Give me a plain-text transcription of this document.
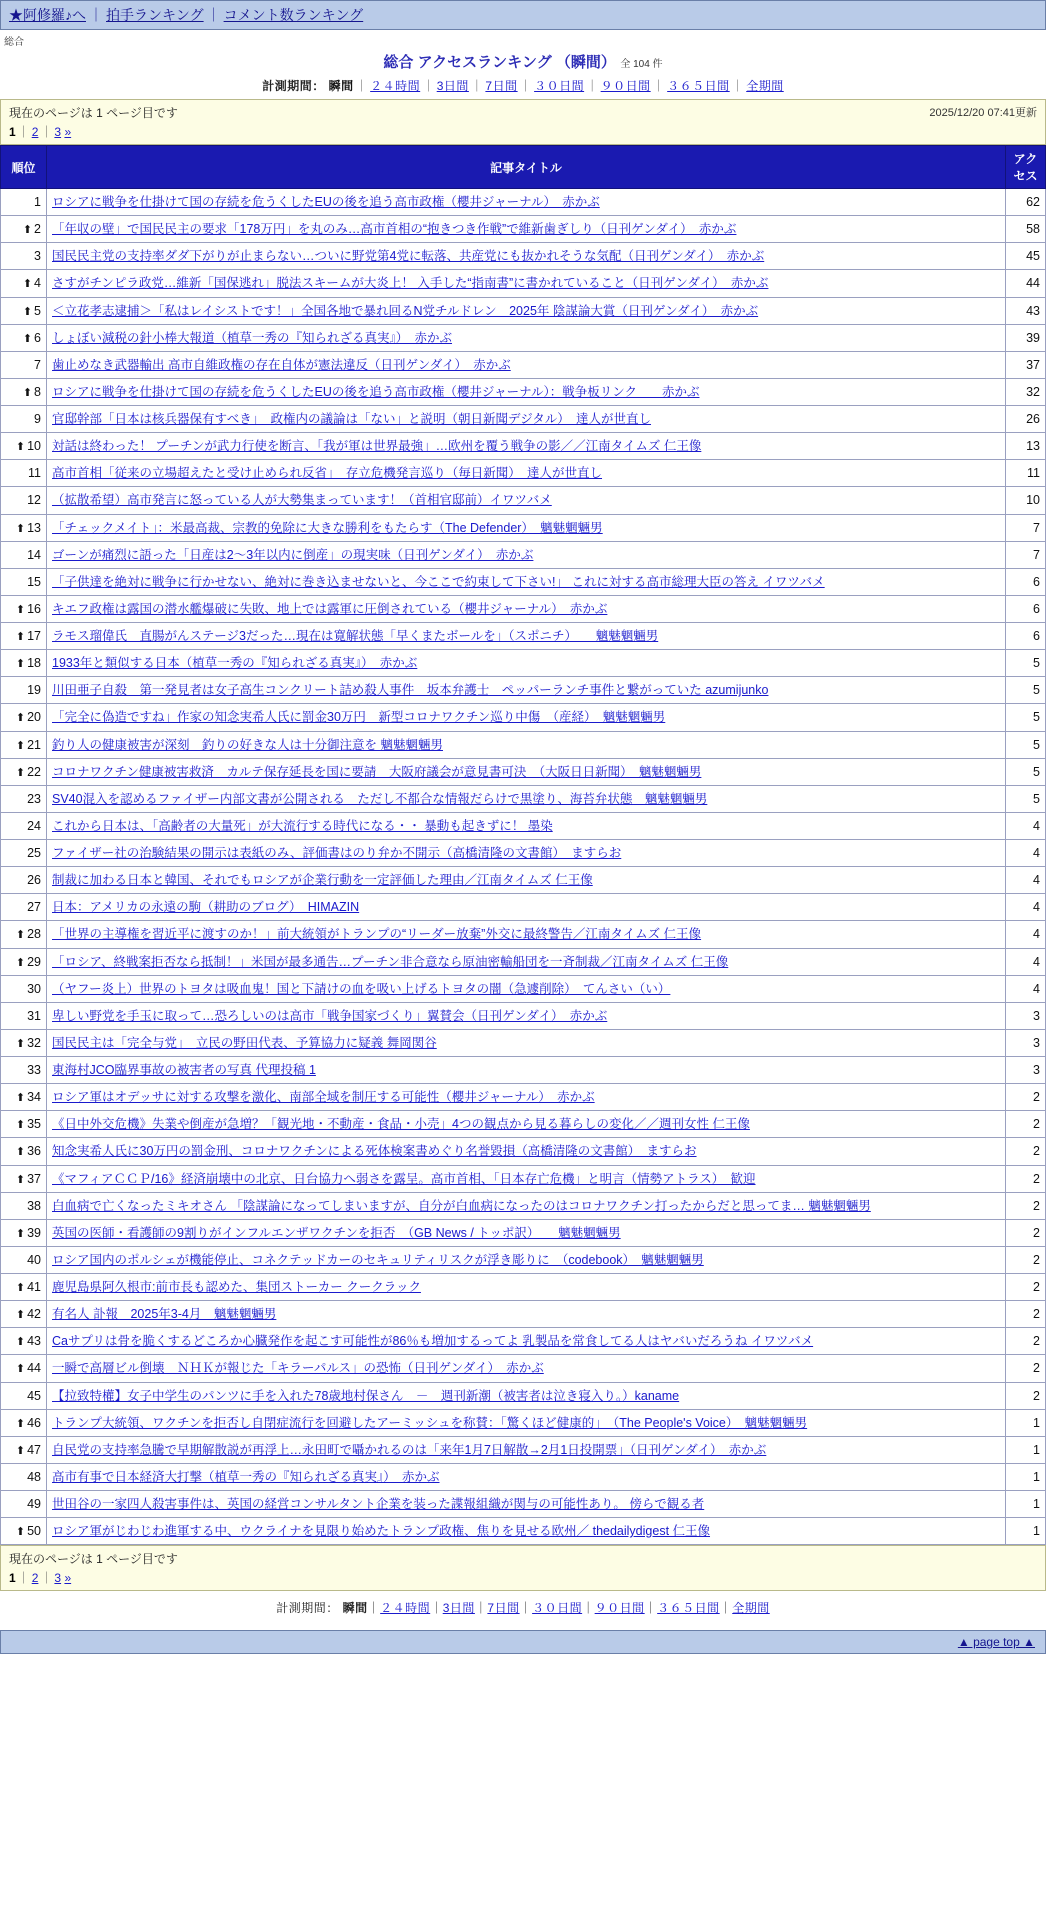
★阿修羅♪へ ｜ 拍手ランキング ｜ コメント数ランキング
総合
総合 アクセスランキング （瞬間） 全 104 件
計測期間： 瞬間 ｜ ２４時間 ｜ 3日間 ｜ 7日間 ｜ ３０日間 ｜ ９０日間 ｜ ３６５日間 ｜ 全期間
現在のページは 1 ページ目です	2025/12/20 07:41更新
1 ｜ 2 ｜ 3 »
順位	記事タイトル	アクセス
1	ロシアに戦争を仕掛けて国の存続を危うくしたEUの後を追う高市政権（櫻井ジャーナル）　赤かぶ	62
⬆ 2	「年収の壁」で国民民主の要求「178万円」を丸のみ…高市首相の“抱きつき作戦”で維新歯ぎしり（日刊ゲンダイ）　赤かぶ	58
3	国民民主党の支持率ダダ下がりが止まらない…ついに野党第4党に転落、共産党にも抜かれそうな気配（日刊ゲンダイ）　赤かぶ	45
⬆ 4	さすがチンピラ政党…維新「国保逃れ」脱法スキームが大炎上！ 入手した“指南書”に書かれていること（日刊ゲンダイ）　赤かぶ	44
⬆ 5	＜立花孝志逮捕＞「私はレイシストです！」全国各地で暴れ回るN党チルドレン　2025年 陰謀論大賞（日刊ゲンダイ）　赤かぶ	43
⬆ 6	しょぼい減税の針小棒大報道（植草一秀の『知られざる真実』）　赤かぶ	39
7	歯止めなき武器輸出 高市自維政権の存在自体が憲法違反（日刊ゲンダイ）　赤かぶ	37
⬆ 8	ロシアに戦争を仕掛けて国の存続を危うくしたEUの後を追う高市政権（櫻井ジャーナル）：戦争板リンク　　赤かぶ	32
9	官邸幹部「日本は核兵器保有すべき」　政権内の議論は「ない」と説明（朝日新聞デジタル）　達人が世直し	26
⬆ 10	対話は終わった！ プーチンが武力行使を断言、「我が軍は世界最強」…欧州を覆う戦争の影／／江南タイムズ 仁王像	13
11	高市首相「従来の立場超えたと受け止められ反省」　存立危機発言巡り（毎日新聞）　達人が世直し	11
12	（拡散希望）高市発言に怒っている人が大勢集まっています！（首相官邸前）イワツバメ	10
⬆ 13	「チェックメイト」：米最高裁、宗教的免除に大きな勝利をもたらす（The Defender）　魑魅魍魎男	7
14	ゴーンが痛烈に語った「日産は2～3年以内に倒産」の現実味（日刊ゲンダイ）　赤かぶ	7
15	「子供達を絶対に戦争に行かせない、絶対に巻き込ませないと、今ここで約束して下さい!」 これに対する高市総理大臣の答え イワツバメ	6
⬆ 16	キエフ政権は露国の潜水艦爆破に失敗、地上では露軍に圧倒されている（櫻井ジャーナル）　赤かぶ	6
⬆ 17	ラモス瑠偉氏　直腸がんステージ3だった…現在は寛解状態「早くまたボールを」（スポニチ）　　魑魅魍魎男	6
⬆ 18	1933年と類似する日本（植草一秀の『知られざる真実』）　赤かぶ	5
19	川田亜子自殺　第一発見者は女子高生コンクリート詰め殺人事件　坂本弁護士　ペッパーランチ事件と繋がっていた azumijunko	5
⬆ 20	「完全に偽造ですね」作家の知念実希人氏に罰金30万円　新型コロナワクチン巡り中傷　（産経）　魑魅魍魎男	5
⬆ 21	釣り人の健康被害が深刻　釣りの好きな人は十分御注意を 魑魅魍魎男	5
⬆ 22	コロナワクチン健康被害救済　カルテ保存延長を国に要請　大阪府議会が意見書可決　（大阪日日新聞）　魑魅魍魎男	5
23	SV40混入を認めるファイザー内部文書が公開される　ただし不都合な情報だらけで黒塗り、海苔弁状態　魑魅魍魎男	5
24	これから日本は、「高齢者の大量死」が大流行する時代になる・・ 暴動も起きずに！ 墨染	4
25	ファイザー社の治験結果の開示は表紙のみ、評価書はのり弁か不開示（高橋清隆の文書館）　ますらお	4
26	制裁に加わる日本と韓国、それでもロシアが企業行動を一定評価した理由／江南タイムズ 仁王像	4
27	日本：アメリカの永遠の駒（耕助のブログ）　HIMAZIN	4
⬆ 28	「世界の主導権を習近平に渡すのか！」前大統領がトランプの“リーダー放棄”外交に最終警告／江南タイムズ 仁王像	4
⬆ 29	「ロシア、終戦案拒否なら抵制！」米国が最多通告…プーチン非合意なら原油密輸船団を一斉制裁／江南タイムズ 仁王像	4
30	（ヤフー炎上）世界のトヨタは吸血鬼！国と下請けの血を吸い上げるトヨタの闇（急遽削除）　てんさい（い）	4
31	卑しい野党を手玉に取って…恐ろしいのは高市「戦争国家づくり」翼賛会（日刊ゲンダイ）　赤かぶ	3
⬆ 32	国民民主は「完全与党」　立民の野田代表、予算協力に疑義 舞岡関谷	3
33	東海村JCO臨界事故の被害者の写真 代理投稿 1	3
⬆ 34	ロシア軍はオデッサに対する攻撃を激化、南部全域を制圧する可能性（櫻井ジャーナル）　赤かぶ	2
⬆ 35	《日中外交危機》失業や倒産が急増？「観光地・不動産・食品・小売」4つの観点から見る暮らしの変化／／週刊女性 仁王像	2
⬆ 36	知念実希人氏に30万円の罰金刑、コロナワクチンによる死体検案書めぐり名誉毀損（高橋清隆の文書館）　ますらお	2
⬆ 37	《マフィアＣＣＰ/16》経済崩壊中の北京、日台協力へ弱さを露呈。高市首相、「日本存亡危機」と明言（情勢アトラス）　歓迎	2
38	白血病で亡くなったミキオさん 「陰謀論になってしまいますが、自分が白血病になったのはコロナワクチン打ったからだと思ってま… 魑魅魍魎男	2
⬆ 39	英国の医師・看護師の9割りがインフルエンザワクチンを拒否　（GB News / トッポ訳）　　魑魅魍魎男	2
40	ロシア国内のポルシェが機能停止、コネクテッドカーのセキュリティリスクが浮き彫りに　（codebook）　魑魅魍魎男	2
⬆ 41	鹿児島県阿久根市:前市長も認めた、集団ストーカー クークラック	2
⬆ 42	有名人 訃報　2025年3-4月　魑魅魍魎男	2
⬆ 43	Caサプリは骨を脆くするどころか心臓発作を起こす可能性が86％も増加するってよ 乳製品を常食してる人はヤバいだろうね イワツバメ	2
⬆ 44	一瞬で高層ビル倒壊　ＮＨＫが報じた「キラーパルス」の恐怖（日刊ゲンダイ）　赤かぶ	2
45	【拉致特權】女子中学生のパンツに手を入れた78歳地村保さん　－　週刊新潮（被害者は泣き寝入り。）kaname	2
⬆ 46	トランプ大統領、ワクチンを拒否し自閉症流行を回避したアーミッシュを称賛：「驚くほど健康的」　（The People's Voice）　魑魅魍魎男	1
⬆ 47	自民党の支持率急騰で早期解散説が再浮上…永田町で囁かれるのは「来年1月7日解散→2月1日投開票」（日刊ゲンダイ）　赤かぶ	1
48	高市有事で日本経済大打撃（植草一秀の『知られざる真実』）　赤かぶ	1
49	世田谷の一家四人殺害事件は、英国の経営コンサルタント企業を装った諜報組織が関与の可能性あり。 傍らで観る者	1
⬆ 50	ロシア軍がじわじわ進軍する中、ウクライナを見限り始めたトランプ政権、焦りを見せる欧州／ thedailydigest 仁王像	1
現在のページは 1 ページ目です
1 ｜ 2 ｜ 3 »
計測期間： 瞬間｜２４時間｜3日間｜7日間｜３０日間｜９０日間｜３６５日間｜全期間
▲ page top ▲
